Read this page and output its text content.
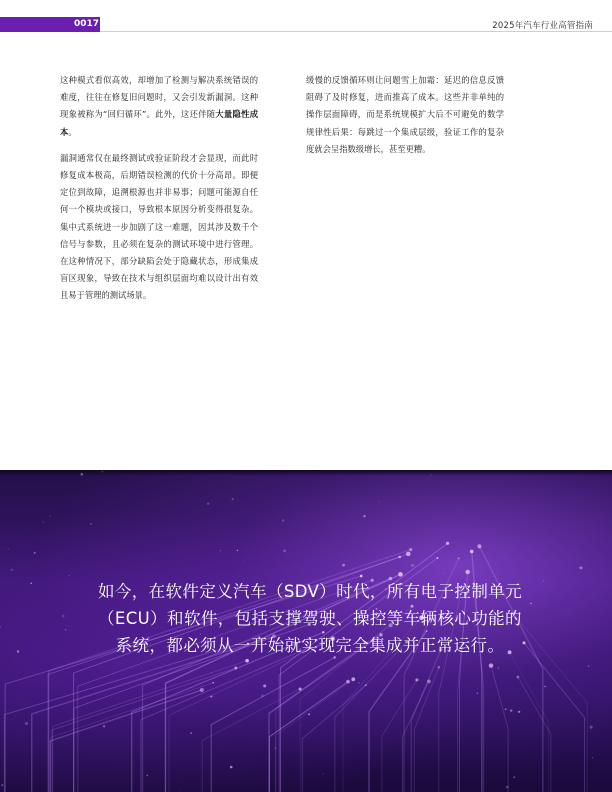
0017	2025年汽车行业高管指南

这种模式看似高效，却增加了检测与解决系统错误的难度，往往在修复旧问题时，又会引发新漏洞。这种现象被称为“回归循环”。此外，这还伴随大量隐性成本。

漏洞通常仅在最终测试或验证阶段才会显现，而此时修复成本极高，后期错误检测的代价十分高昂。即便定位到故障，追溯根源也并非易事；问题可能源自任何一个模块或接口，导致根本原因分析变得很复杂。集中式系统进一步加剧了这一难题，因其涉及数千个信号与参数，且必须在复杂的测试环境中进行管理。在这种情况下，部分缺陷会处于隐藏状态，形成集成盲区现象，导致在技术与组织层面均难以设计出有效且易于管理的测试场景。

缓慢的反馈循环则让问题雪上加霜：延迟的信息反馈阻碍了及时修复，进而推高了成本。这些并非单纯的操作层面障碍，而是系统规模扩大后不可避免的数学规律性后果：每跳过一个集成层级，验证工作的复杂度就会呈指数级增长，甚至更糟。

如今，在软件定义汽车（SDV）时代，所有电子控制单元
（ECU）和软件，包括支撑驾驶、操控等车辆核心功能的
系统，都必须从一开始就实现完全集成并正常运行。
